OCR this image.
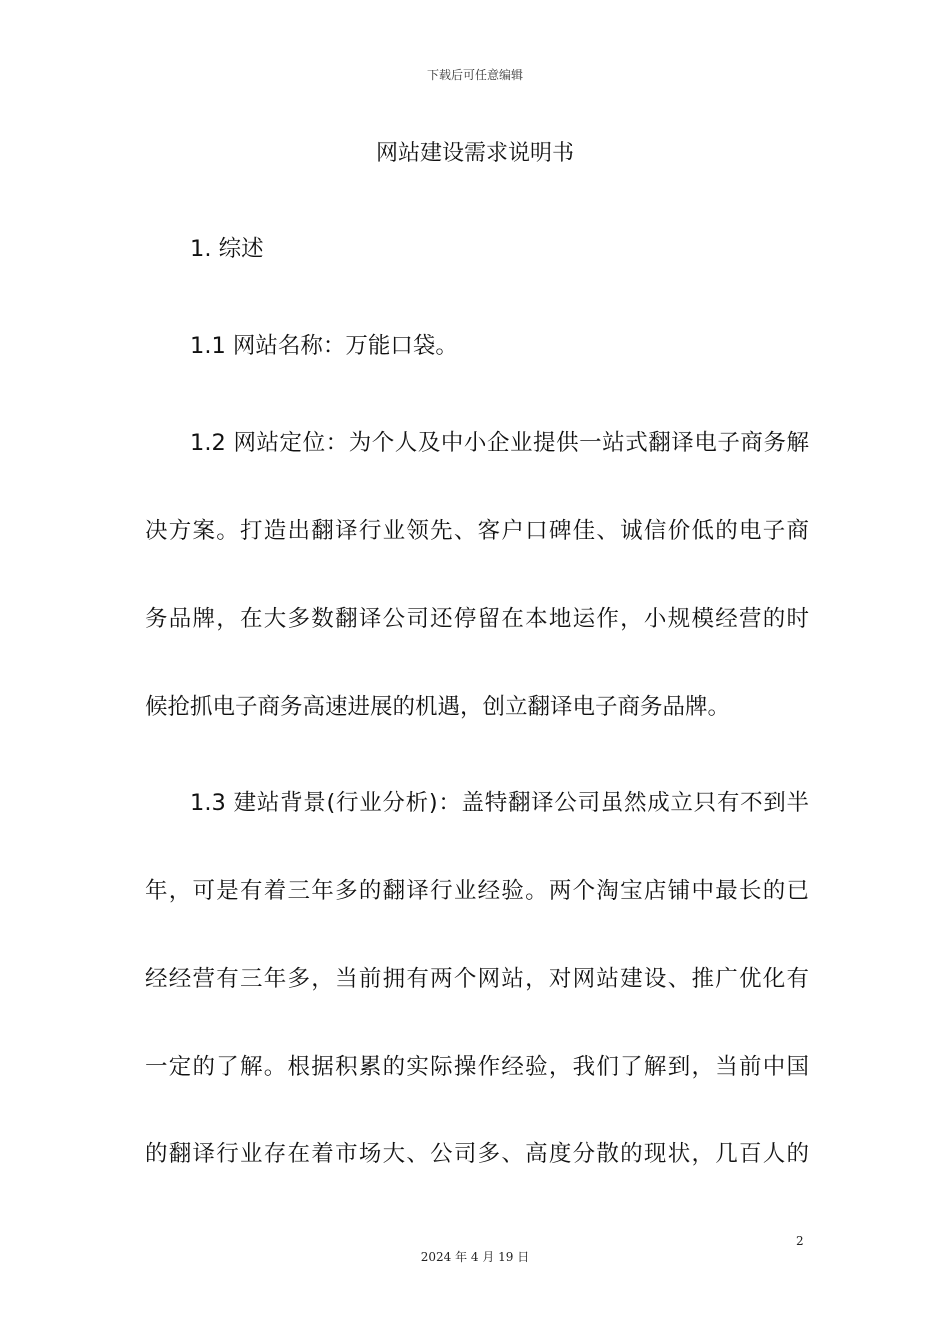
下载后可任意编辑
网站建设需求说明书
1. 综述
1.1 网站名称：万能口袋。
1.2 网站定位：为个人及中小企业提供一站式翻译电子商务解
决方案。打造出翻译行业领先、客户口碑佳、诚信价低的电子商
务品牌，在大多数翻译公司还停留在本地运作，小规模经营的时
候抢抓电子商务高速进展的机遇，创立翻译电子商务品牌。
1.3 建站背景(行业分析)：盖特翻译公司虽然成立只有不到半
年，可是有着三年多的翻译行业经验。两个淘宝店铺中最长的已
经经营有三年多，当前拥有两个网站，对网站建设、推广优化有
一定的了解。根据积累的实际操作经验，我们了解到，当前中国
的翻译行业存在着市场大、公司多、高度分散的现状，几百人的
2
2024 年 4 月 19 日
